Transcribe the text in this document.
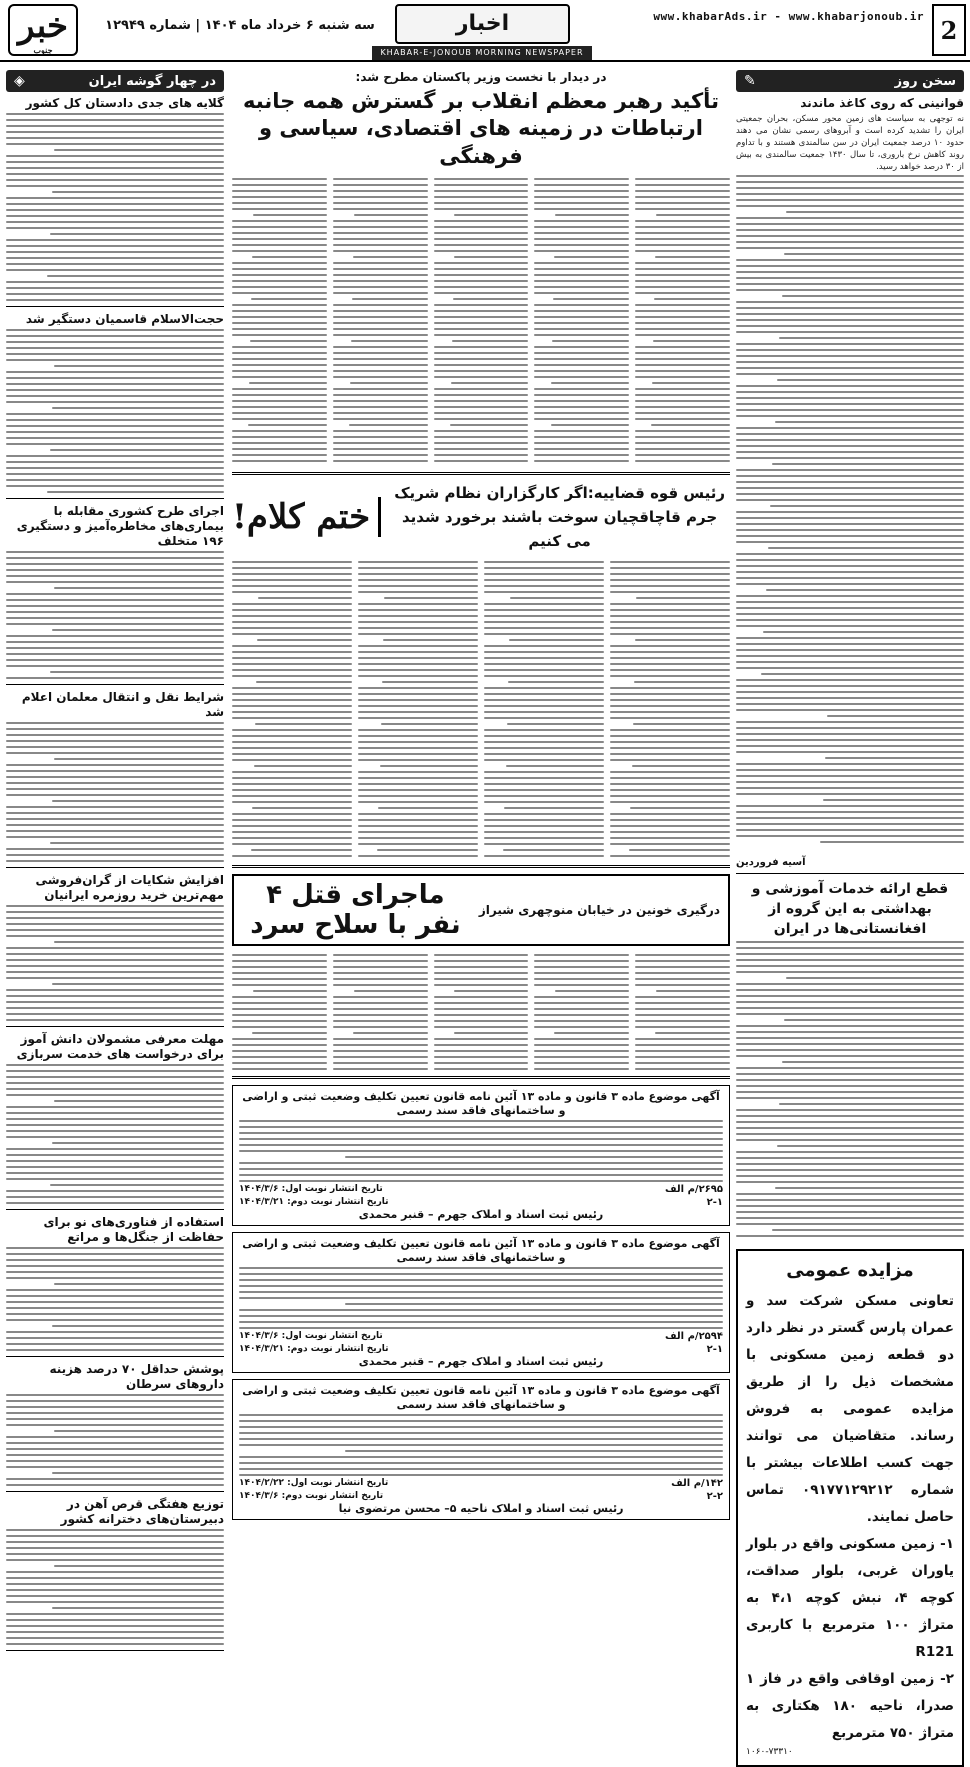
2
www.khabarAds.ir - www.khabarjonoub.ir
اخبار
KHABAR-E-JONOUB MORNING NEWSPAPER
سه شنبه ۶ خرداد ماه ۱۴۰۴ | شماره ۱۲۹۴۹
خبر
جنوب
سخن روز
✎
قوانینی که روی کاغذ ماندند

نه توجهی به سیاست های زمین محور مسکن، بحران جمعیتی ایران را تشدید کرده است و آبروهای رسمی نشان می دهند حدود ۱۰ درصد جمعیت ایران در سن سالمندی هستند و با تداوم روند کاهش نرخ باروری، تا سال ۱۴۳۰ جمعیت سالمندی به بیش از ۳۰ درصد خواهد رسید.

آسیه فروردین
قطع ارائه خدمات آموزشی و بهداشتی به این گروه از افغانستانی‌ها در ایران
مزایده عمومی

تعاونی مسکن شرکت سد و عمران پارس گستر در نظر دارد دو قطعه زمین مسکونی با مشخصات ذیل را از طریق مزایده عمومی به فروش رساند. متقاضیان می توانند جهت کسب اطلاعات بیشتر با شماره ۰۹۱۷۷۱۲۹۲۱۲ تماس حاصل نمایند.

۱- زمین مسکونی واقع در بلوار یاوران غربی، بلوار صداقت، کوچه ۴، نبش کوچه ۴،۱ به متراژ ۱۰۰ مترمربع با کاربری R121

۲- زمین اوقافی واقع در فاز ۱ صدرا، ناحیه ۱۸۰ هکتاری به متراژ ۷۵۰ مترمربع

۱۰۶۰-۷۳۳۱۰
در دیدار با نخست وزیر پاکستان مطرح شد:
تأکید رهبر معظم انقلاب بر گسترش همه جانبه ارتباطات در زمینه های اقتصادی، سیاسی و فرهنگی
رئیس قوه قضاییه:اگر کارگزاران نظام شریک جرم قاچاقچیان سوخت باشند برخورد شدید می کنیم
ختم کلام!
درگیری خونین در خیابان منوچهری شیراز
ماجرای قتل ۴ نفر با سلاح سرد
آگهی موضوع ماده ۳ قانون و ماده ۱۳ آئین نامه قانون تعیین تکلیف وضعیت ثبتی و اراضی و ساختمانهای فاقد سند رسمی
۲۶۹۵/م الف
تاریخ انتشار نوبت اول: ۱۴۰۴/۳/۶
۲-۱
تاریخ انتشار نوبت دوم: ۱۴۰۴/۳/۲۱
رئیس ثبت اسناد و املاک جهرم – قنبر محمدی
آگهی موضوع ماده ۳ قانون و ماده ۱۳ آئین نامه قانون تعیین تکلیف وضعیت ثبتی و اراضی و ساختمانهای فاقد سند رسمی
۲۵۹۴/م الف
تاریخ انتشار نوبت اول: ۱۴۰۴/۳/۶
۲-۱
تاریخ انتشار نوبت دوم: ۱۴۰۴/۳/۲۱
رئیس ثبت اسناد و املاک جهرم – قنبر محمدی
آگهی موضوع ماده ۳ قانون و ماده ۱۳ آئین نامه قانون تعیین تکلیف وضعیت ثبتی و اراضی و ساختمانهای فاقد سند رسمی
۱۴۲/م الف
تاریخ انتشار نوبت اول: ۱۴۰۴/۲/۲۲
۲-۲
تاریخ انتشار نوبت دوم: ۱۴۰۴/۳/۶
رئیس ثبت اسناد و املاک ناحیه ۵– محسن مرتضوی نیا
در چهار گوشه ایران
◈
گلایه های جدی دادستان کل کشور
حجت‌الاسلام قاسمیان دستگیر شد
اجرای طرح کشوری مقابله با بیماری‌های مخاطره‌آمیز و دستگیری ۱۹۶ متخلف
شرایط نقل و انتقال معلمان اعلام شد
افزایش شکایات از گران‌فروشی مهم‌ترین خرید روزمره ایرانیان
مهلت معرفی مشمولان دانش آموز برای درخواست های خدمت سربازی
استفاده از فناوری‌های نو برای حفاظت از جنگل‌ها و مراتع
پوشش حداقل ۷۰ درصد هزینه داروهای سرطان
توزیع هفتگی قرص آهن در دبیرستان‌های دخترانه کشور
